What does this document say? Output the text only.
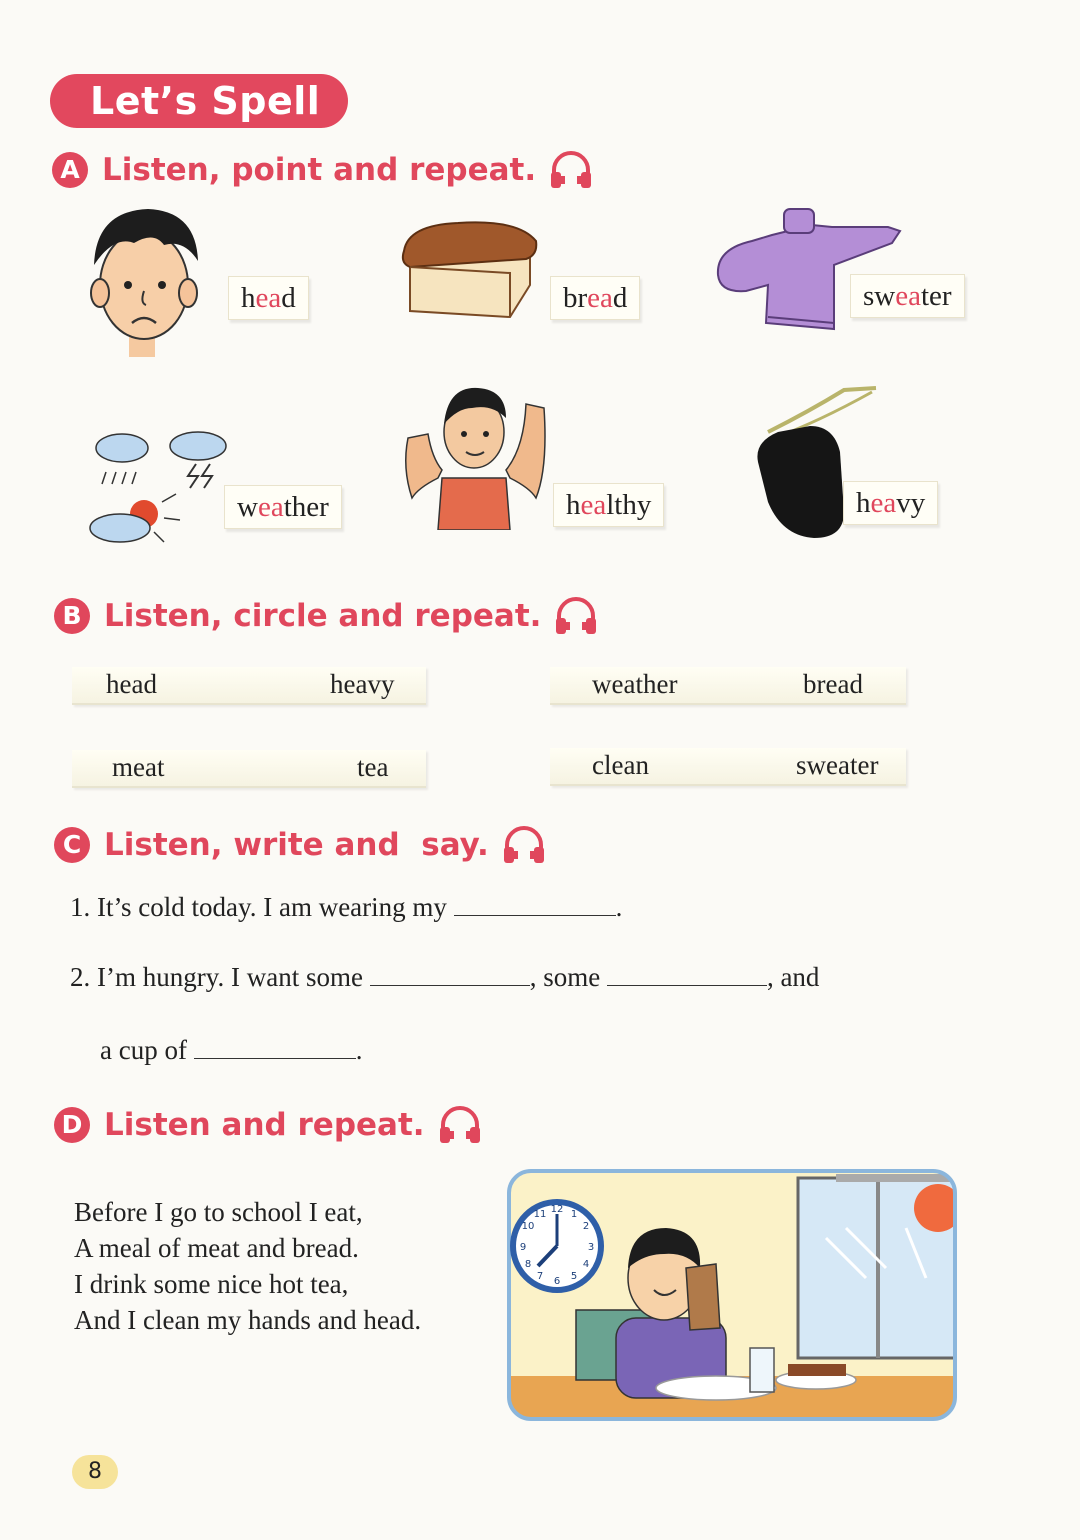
Let’s Spell
A Listen, point and repeat.
head	bread	sweater
weather	healthy	heavy
B Listen, circle and repeat.
head	heavy	weather	bread
meat	tea	clean	sweater
C Listen, write and  say.
1. It’s cold today. I am wearing my	.
2. I’m hungry. I want some	, some	, and
a cup of	.
D Listen and repeat.
Before I go to school I eat,
A meal of meat and bread.
I drink some nice hot tea,
And I clean my hands and head.
12 1
2
3
4
5
6
7
8
9
10
11
8
